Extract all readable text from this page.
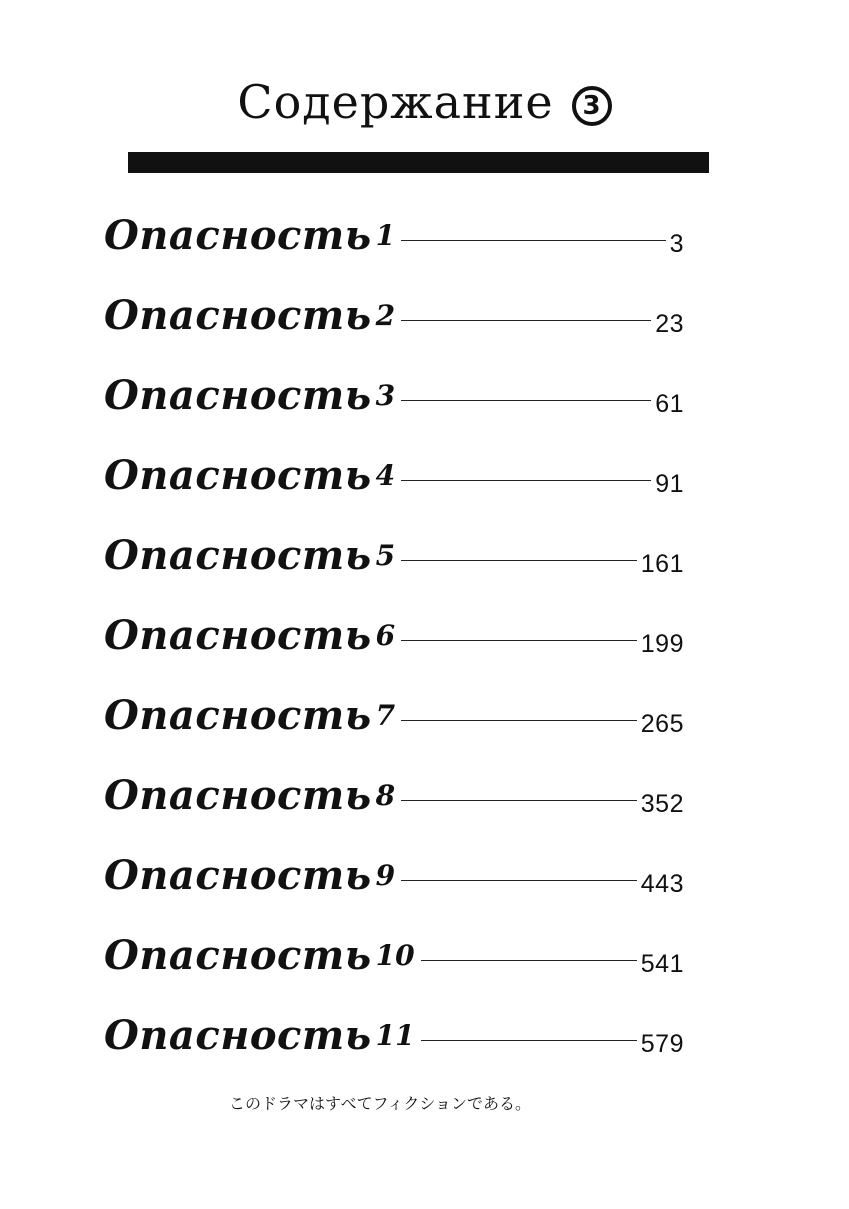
Содержание 3
Опасность 1	3
Опасность 2	23
Опасность 3	61
Опасность 4	91
Опасность 5	161
Опасность 6	199
Опасность 7	265
Опасность 8	352
Опасность 9	443
Опасность 10	541
Опасность 11	579
このドラマはすべてフィクションである。
